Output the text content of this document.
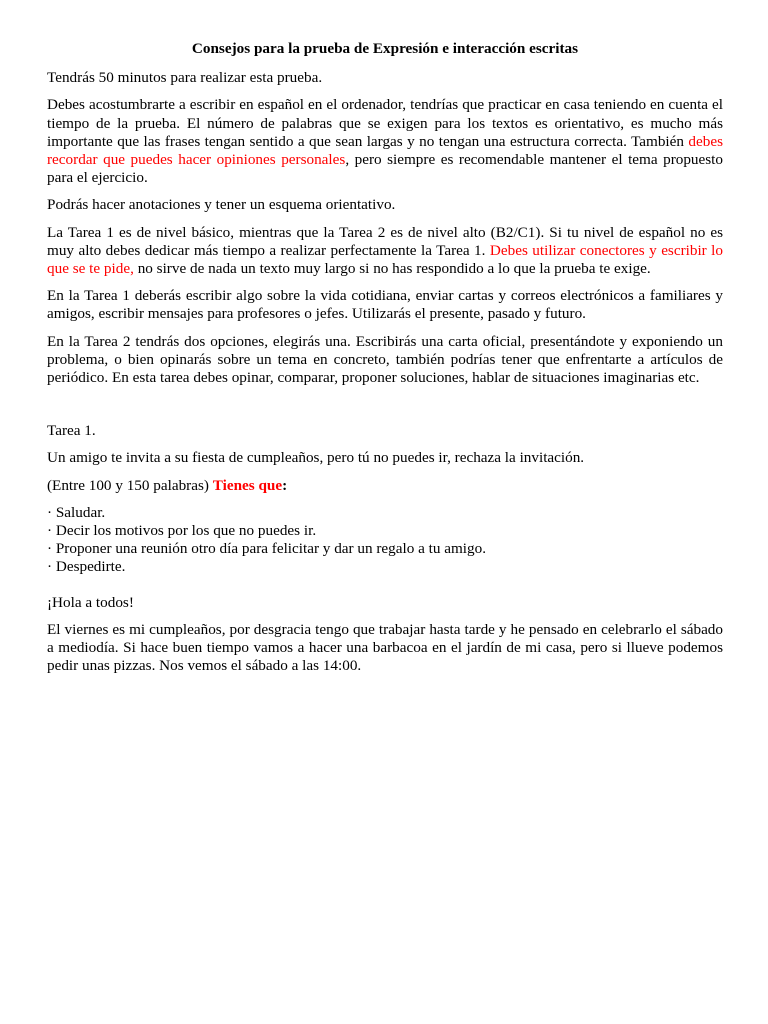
Consejos para la prueba de Expresión e interacción escritas

Tendrás 50 minutos para realizar esta prueba.

Debes acostumbrarte a escribir en español en el ordenador, tendrías que practicar en casa teniendo en cuenta el tiempo de la prueba. El número de palabras que se exigen para los textos es orientativo, es mucho más importante que las frases tengan sentido a que sean largas y no tengan una estructura correcta. También debes recordar que puedes hacer opiniones personales, pero siempre es recomendable mantener el tema propuesto para el ejercicio.

Podrás hacer anotaciones y tener un esquema orientativo.

La Tarea 1 es de nivel básico, mientras que la Tarea 2 es de nivel alto (B2/C1). Si tu nivel de español no es muy alto debes dedicar más tiempo a realizar perfectamente la Tarea 1. Debes utilizar conectores y escribir lo que se te pide, no sirve de nada un texto muy largo si no has respondido a lo que la prueba te exige.

En la Tarea 1 deberás escribir algo sobre la vida cotidiana, enviar cartas y correos electrónicos a familiares y amigos, escribir mensajes para profesores o jefes. Utilizarás el presente, pasado y futuro.

En la Tarea 2 tendrás dos opciones, elegirás una. Escribirás una carta oficial, presentándote y exponiendo un problema, o bien opinarás sobre un tema en concreto, también podrías tener que enfrentarte a artículos de periódico. En esta tarea debes opinar, comparar, proponer soluciones, hablar de situaciones imaginarias etc.

Tarea 1.

Un amigo te invita a su fiesta de cumpleaños, pero tú no puedes ir, rechaza la invitación.

(Entre 100 y 150 palabras) Tienes que:

· Saludar.
· Decir los motivos por los que no puedes ir.
· Proponer una reunión otro día para felicitar y dar un regalo a tu amigo.
· Despedirte.

¡Hola a todos!

El viernes es mi cumpleaños, por desgracia tengo que trabajar hasta tarde y he pensado en celebrarlo el sábado a mediodía. Si hace buen tiempo vamos a hacer una barbacoa en el jardín de mi casa, pero si llueve podemos pedir unas pizzas. Nos vemos el sábado a las 14:00.
